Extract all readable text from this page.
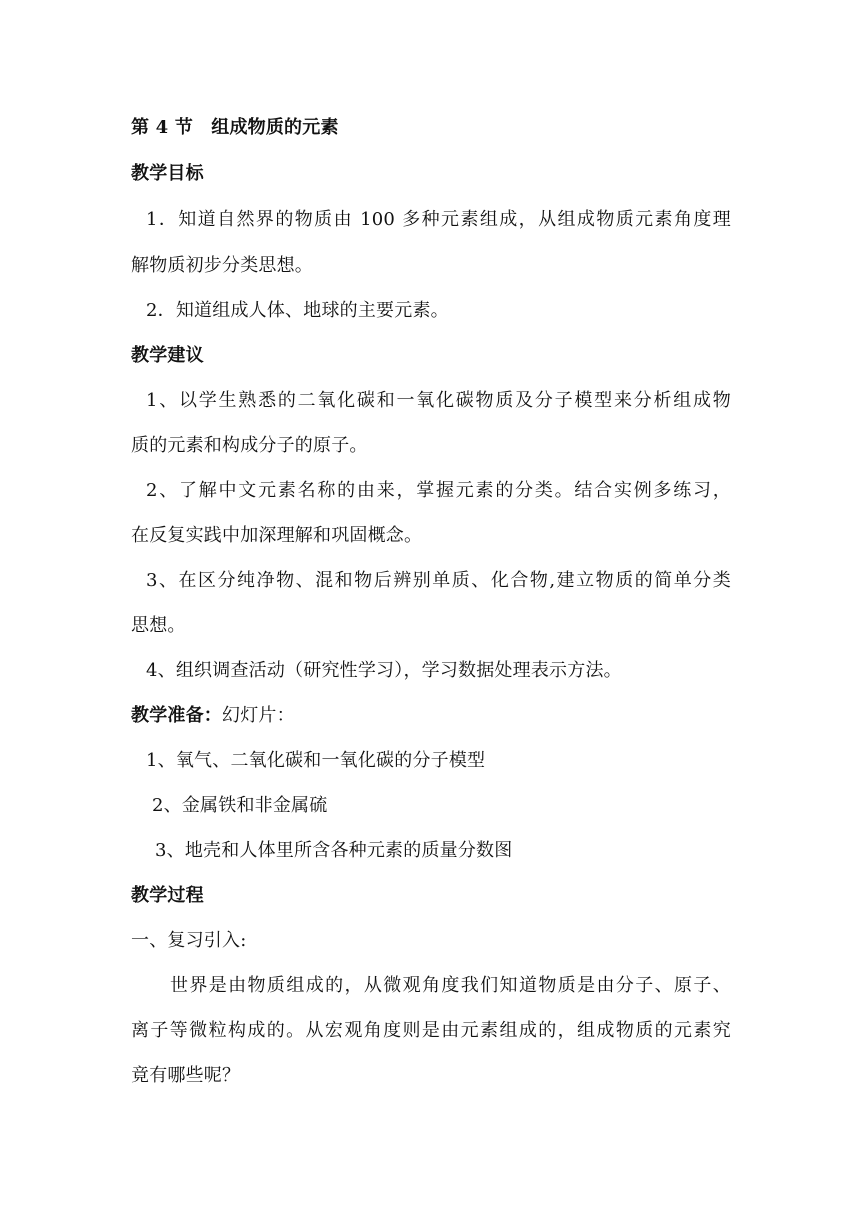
第 4 节　组成物质的元素
教学目标
1．知道自然界的物质由 100 多种元素组成，从组成物质元素角度理
解物质初步分类思想。
2．知道组成人体、地球的主要元素。
教学建议
1、以学生熟悉的二氧化碳和一氧化碳物质及分子模型来分析组成物
质的元素和构成分子的原子。
2、了解中文元素名称的由来，掌握元素的分类。结合实例多练习，
在反复实践中加深理解和巩固概念。
3、在区分纯净物、混和物后辨别单质、化合物,建立物质的简单分类
思想。
4、组织调查活动（研究性学习），学习数据处理表示方法。
教学准备：幻灯片：
1、氧气、二氧化碳和一氧化碳的分子模型
2、金属铁和非金属硫
3、地壳和人体里所含各种元素的质量分数图
教学过程
一、复习引入:
世界是由物质组成的，从微观角度我们知道物质是由分子、原子、
离子等微粒构成的。从宏观角度则是由元素组成的，组成物质的元素究
竟有哪些呢？
